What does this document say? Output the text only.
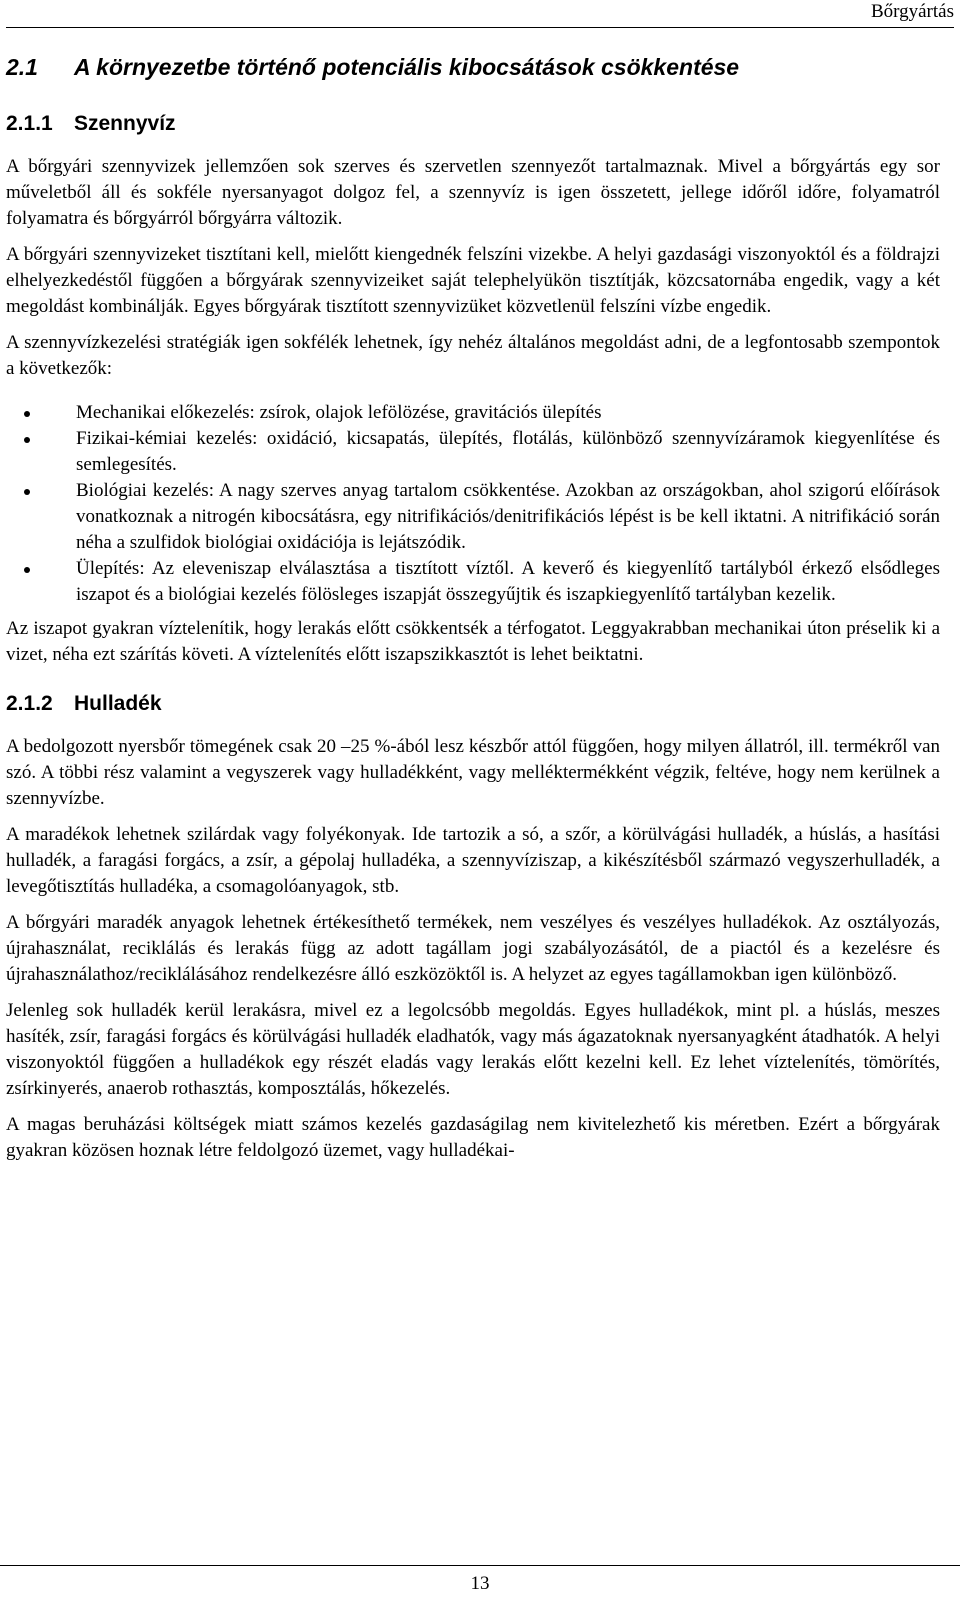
Bőrgyártás
2.1 A környezetbe történő potenciális kibocsátások csökkentése
2.1.1 Szennyvíz

A bőrgyári szennyvizek jellemzően sok szerves és szervetlen szennyezőt tartalmaznak. Mivel a bőrgyártás egy sor műveletből áll és sokféle nyersanyagot dolgoz fel, a szennyvíz is igen összetett, jellege időről időre, folyamatról folyamatra és bőrgyárról bőrgyárra változik.

A bőrgyári szennyvizeket tisztítani kell, mielőtt kiengednék felszíni vizekbe. A helyi gazdasági viszonyoktól és a földrajzi elhelyezkedéstől függően a bőrgyárak szennyvizeiket saját telephelyükön tisztítják, közcsatornába engedik, vagy a két megoldást kombinálják. Egyes bőrgyárak tisztított szennyvizüket közvetlenül felszíni vízbe engedik.

A szennyvízkezelési stratégiák igen sokfélék lehetnek, így nehéz általános megoldást adni, de a legfontosabb szempontok a következők:

Mechanikai előkezelés: zsírok, olajok lefölözése, gravitációs ülepítés
Fizikai-kémiai kezelés: oxidáció, kicsapatás, ülepítés, flotálás, különböző szennyvízáramok kiegyenlítése és semlegesítés.
Biológiai kezelés: A nagy szerves anyag tartalom csökkentése. Azokban az országokban, ahol szigorú előírások vonatkoznak a nitrogén kibocsátásra, egy nitrifikációs/denitrifikációs lépést is be kell iktatni. A nitrifikáció során néha a szulfidok biológiai oxidációja is lejátszódik.
Ülepítés: Az eleveniszap elválasztása a tisztított víztől. A keverő és kiegyenlítő tartályból érkező elsődleges iszapot és a biológiai kezelés fölösleges iszapját összegyűjtik és iszapkiegyenlítő tartályban kezelik.

Az iszapot gyakran víztelenítik, hogy lerakás előtt csökkentsék a térfogatot. Leggyakrabban mechanikai úton préselik ki a vizet, néha ezt szárítás követi. A víztelenítés előtt iszapszikkasztót is lehet beiktatni.

2.1.2 Hulladék

A bedolgozott nyersbőr tömegének csak 20 –25 %-ából lesz készbőr attól függően, hogy milyen állatról, ill. termékről van szó. A többi rész valamint a vegyszerek vagy hulladékként, vagy melléktermékként végzik, feltéve, hogy nem kerülnek a szennyvízbe.

A maradékok lehetnek szilárdak vagy folyékonyak. Ide tartozik a só, a szőr, a körülvágási hulladék, a húslás, a hasítási hulladék, a faragási forgács, a zsír, a gépolaj hulladéka, a szennyvíziszap, a kikészítésből származó vegyszerhulladék, a levegőtisztítás hulladéka, a csomagolóanyagok, stb.

A bőrgyári maradék anyagok lehetnek értékesíthető termékek, nem veszélyes és veszélyes hulladékok. Az osztályozás, újrahasználat, reciklálás és lerakás függ az adott tagállam jogi szabályozásától, de a piactól és a kezelésre és újrahasználathoz/reciklálásához rendelkezésre álló eszközöktől is. A helyzet az egyes tagállamokban igen különböző.

Jelenleg sok hulladék kerül lerakásra, mivel ez a legolcsóbb megoldás. Egyes hulladékok, mint pl. a húslás, meszes hasíték, zsír, faragási forgács és körülvágási hulladék eladhatók, vagy más ágazatoknak nyersanyagként átadhatók. A helyi viszonyoktól függően a hulladékok egy részét eladás vagy lerakás előtt kezelni kell. Ez lehet víztelenítés, tömörítés, zsírkinyerés, anaerob rothasztás, komposztálás, hőkezelés.

A magas beruházási költségek miatt számos kezelés gazdaságilag nem kivitelezhető kis méretben. Ezért a bőrgyárak gyakran közösen hoznak létre feldolgozó üzemet, vagy hulladékai-

13
